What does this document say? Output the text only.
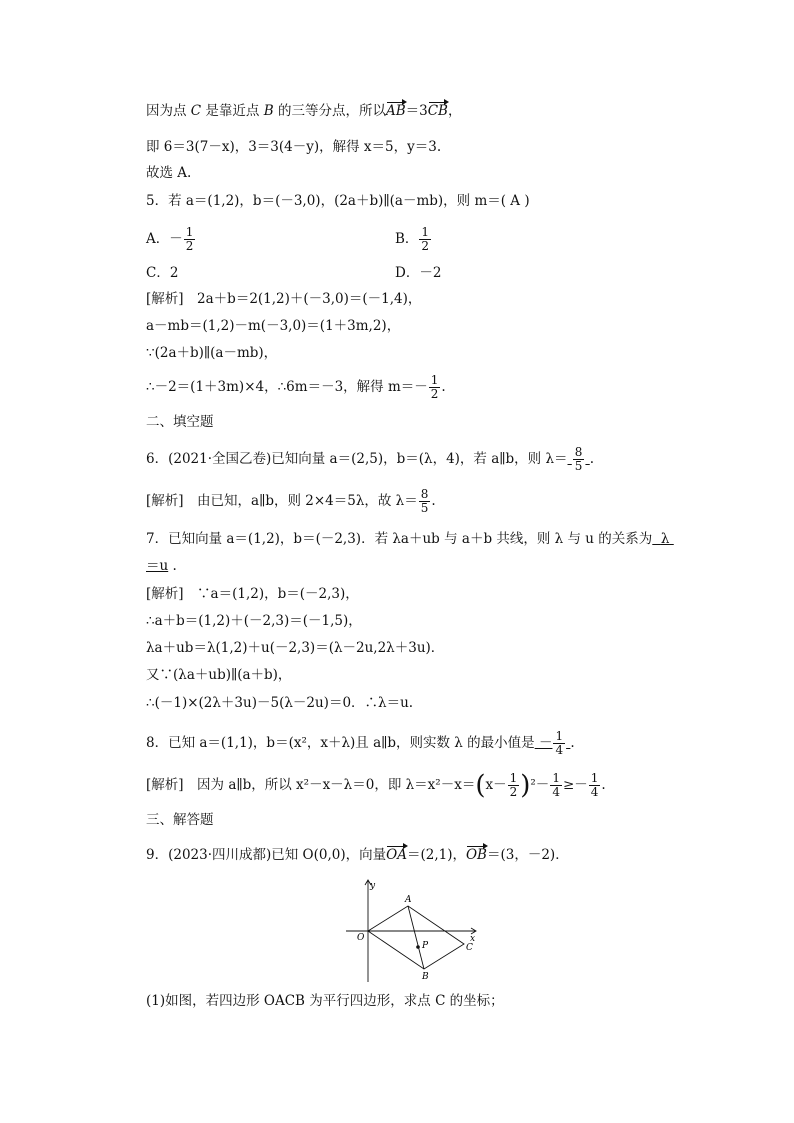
因为点 C 是靠近点 B 的三等分点，所以AB＝3CB，
即 6＝3(7－x)，3＝3(4－y)，解得 x＝5，y＝3.
故选 A.
5．若 a＝(1,2)，b＝(－3,0)，(2a＋b)∥(a－mb)，则 m＝( A )
A．－ $\frac{1}{2}$	B． $\frac{1}{2}$
C．2	D．－2
[解析]　2a＋b＝2(1,2)＋(－3,0)＝(－1,4)，
a－mb＝(1,2)－m(－3,0)＝(1＋3m,2)，
∵(2a＋b)∥(a－mb)，
∴－2＝(1＋3m)×4，∴6m＝－3，解得 $m=- \frac{1}{2}$ .
二、填空题
6．(2021·全国乙卷)已知向量 a＝(2,5)，b＝(λ，4)，若 a∥b，则 $\lambda= \frac{8}{5}$ .
[解析]　由已知，a∥b，则 2×4＝5λ，故 $\lambda= \frac{8}{5}$ .
7．已知向量 a＝(1,2)，b＝(－2,3)．若 λa＋ub 与 a＋b 共线，则 λ 与 u 的关系为 λ
＝u .
[解析]　∵a＝(1,2)，b＝(－2,3)，
∴a＋b＝(1,2)＋(－2,3)＝(－1,5)，
λa＋ub＝λ(1,2)＋u(－2,3)＝(λ－2u,2λ＋3u)．
又∵(λa＋ub)∥(a＋b)，
∴(－1)×(2λ＋3u)－5(λ－2u)＝0．∴λ＝u.
8．已知 a＝(1,1)，b＝(x²，x＋λ)且 a∥b，则实数 λ 的最小值是 － $\frac{1}{4}$ .
[解析]　因为 a∥b，所以 x²－x－λ＝0，即 $\lambda=x^2-x=(x- \frac{1}{2} )^2- \frac{1}{4} \ge- \frac{1}{4}$ .
三、解答题
9．(2023·四川成都)已知 O(0,0)，向量OA＝(2,1)，OB＝(3，－2)．
y
x
O
A
B
C
P
(1)如图，若四边形 OACB 为平行四边形，求点 C 的坐标；
